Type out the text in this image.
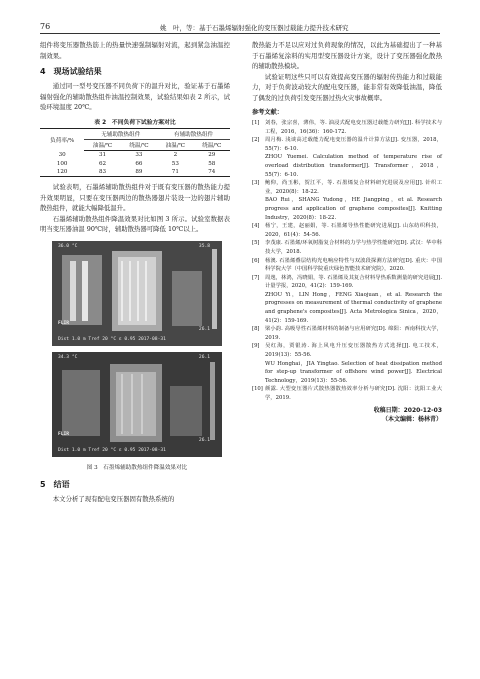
76	姚　叶，等：基于石墨烯辐射强化的变压器过载能力提升技术研究

组件将变压器散热筋上的热量快速强制辐射对流，起到紧急油温控制效果。

4　现场试验结果

通过同一型号变压器不同负荷下的温升对比，验证基于石墨烯辐射强化的辅助散热组件油温控制效果，试验结果如表 2 所示，试验环境温度 20℃。

表 2　不同负荷下试验方案对比
负荷率/%	无辅助散热组件		有辅助散热组件	
	油温/℃	绕温/℃	油温/℃	绕温/℃
30	31	33	2	29
100	62	66	53	58
120	83	89	71	74

试验表明，石墨烯辅助散热组件对于既有变压器的散热能力提升效果明显，只要在变压器两边的散热器翅片装设一边的翅片辅助散热组件，就能大幅降低温升。

石墨烯辅助散热组件降温效果对比如图 3 所示。试验室数据表明当变压器油温 90℃时，辅助散热器可降低 10℃以上。

36.0 °C	35.8
26.1
FLIR
Dist 1.0 m Tref 20 °C ε 0.95 2017-08-31
34.3 °C	26.1
26.1
FLIR
Dist 1.0 m Tref 20 °C ε 0.95 2017-08-31
图 3　石墨烯辅助散热组件降温效果对比
5　结语

本文分析了现有配电变压器固有散热系统的

散热能力不足以应对过负荷现象的情况，以此为基础提出了一种基于石墨烯复涂料的实用型变压器设计方案，设计了变压器强化散热的辅助散热模块。

试验证明这些只可以有效提高变压器的辐射传热能力和过载能力，对于负荷波动较大的配电变压器，能非常有效降低油温，降低了偶发的过负荷引发变压器过热火灾事故概率。

参考文献：
[1]	刘春，张宗喜，薄伟，等. 油浸式配电变压器过载能力研究[J]. 科学技术与工程，2016，16(36)：160-172.
[2]	周月梅. 浅谈高过载能力配电变压器的温升计算方法[J]. 变压器，2018，55(7)：6-10.
ZHOU Yuemei. Calculation method of temperature rise of overload distribution transformer[J]. Transformer，2018，55(7)：6-10.
[3]	鲍仰，尚玉彬，贺江平，等. 石墨烯复合材料研究进展及应用[J]. 针织工业，2020(8)：18-22.
BAO Rui，SHANG Yudong，HE Jiangping，et al. Research progress and application of graphene composites[J]. Knitting Industry，2020(8)：18-22.
[4]	杨宁，王建，赵丽娟，等. 石墨烯导热性能研究进展[J]. 山东纺织科技，2020，61(4)：54-56.
[5]	李茂康. 石墨烯/环氧树脂复合材料的力学与热学性能研究[D]. 武汉：华中科技大学，2018.
[6]	杨澳. 石墨烯叠层结构光电响应特性与双波段探测方法研究[D]. 重庆：中国科学院大学（中国科学院重庆绿色智能技术研究院），2020.
[7]	周逸，林鸿，冯晓娟，等. 石墨烯及其复合材料导热系数测量的研究进展[J]. 计量学报，2020，41(2)：159-169.
ZHOU Yi，LIN Hong，FENG Xiaojuan，et al. Research the progresses on measurement of thermal conductivity of graphene and graphene's composites[J]. Acta Metrologica Sinica，2020，41(2)：159-169.
[8]	梁小韵. 高吸导性石墨烯材料的制备与应用研究[D]. 绵阳：西南科技大学，2019.
[9]	吴红海，贾银涛. 海上风电升压变压器散热方式选择[J]. 电工技术，2019(13)：55-56.
WU Honghai，JIA Yingtao. Selection of heat dissipation method for step-up transformer of offshore wind power[J]. Electrical Technology，2019(13)：55-56.
[10] 颜露. 大型变压器片式散热器散热效率分析与研究[D]. 沈阳：沈阳工业大学，2019.
收稿日期：2020-12-03
（本文编辑：杨林青）
